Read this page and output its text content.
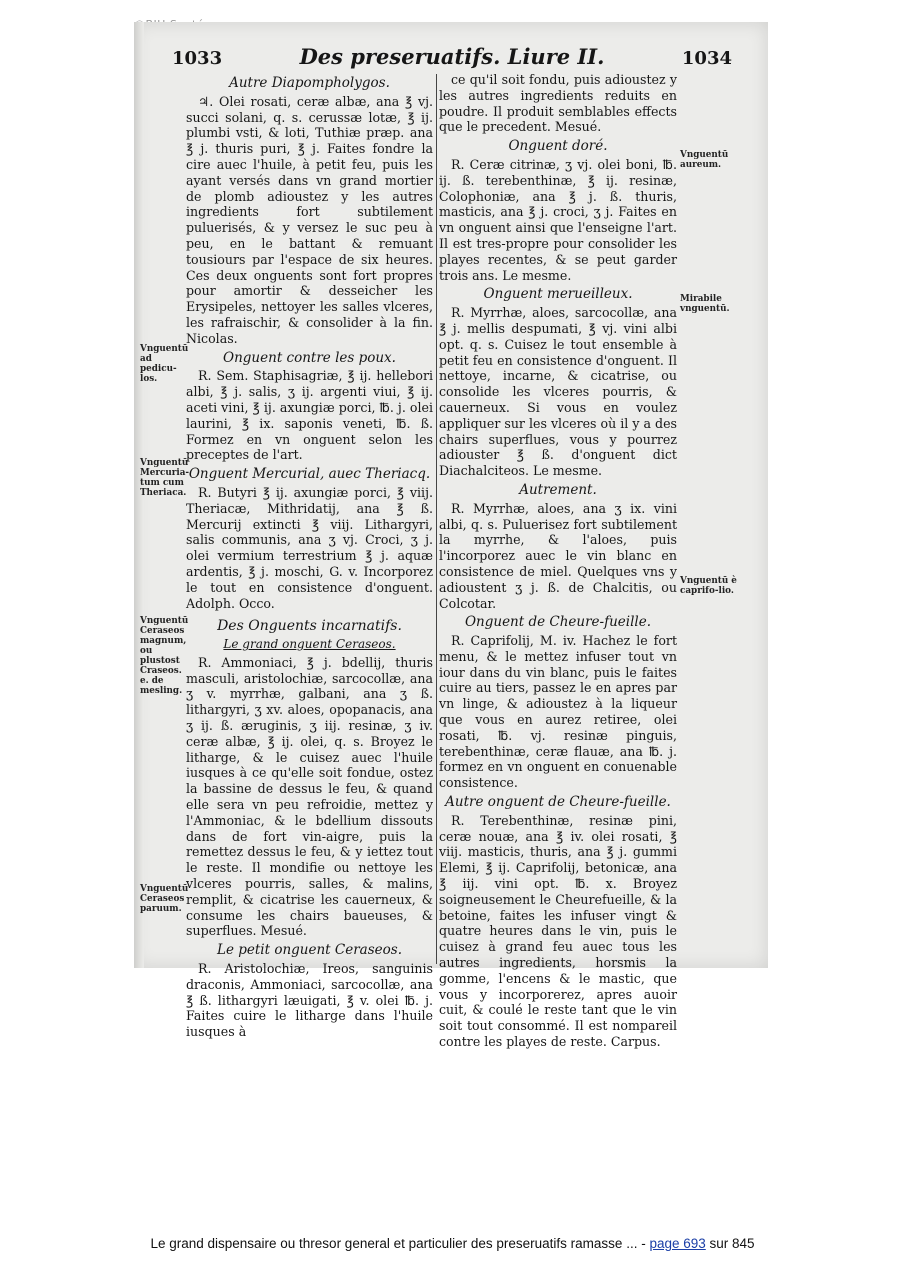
1033	Des preseruatifs. Liure II.	1034
Vnguentū ad pedicu-los.
Vnguentū Mercuria-tum cum Theriaca.
Vnguentū Ceraseos magnum, ou plustost Craseos. e. de mesling.
Vnguentū Ceraseos paruum.
Vnguentū aureum.
Mirabile vnguentū.
Vnguentū è caprifo-lio.
Autre Diapompholygos.

♃. Olei rosati, ceræ albæ, ana ℥ vj. succi solani, q. s. cerussæ lotæ, ℥ ij. plumbi vsti, & loti, Tuthiæ præp. ana ℥ j. thuris puri, ℥ j. Faites fondre la cire auec l'huile, à petit feu, puis les ayant versés dans vn grand mortier de plomb adioustez y les autres ingredients fort subtilement puluerisés, & y versez le suc peu à peu, en le battant & remuant tousiours par l'espace de six heures. Ces deux onguents sont fort propres pour amortir & desseicher les Erysipeles, nettoyer les salles vlceres, les rafraischir, & consolider à la fin. Nicolas.

Onguent contre les poux.

R. Sem. Staphisagriæ, ℥ ij. hellebori albi, ℥ j. salis, ʒ ij. argenti viui, ℥ ij. aceti vini, ℥ ij. axungiæ porci, ℔. j. olei laurini, ℥ ix. saponis veneti, ℔. ß. Formez en vn onguent selon les preceptes de l'art.

Onguent Mercurial, auec Theriacq.

R. Butyri ℥ ij. axungiæ porci, ℥ viij. Theriacæ, Mithridatij, ana ℥ ß. Mercurij extincti ℥ viij. Lithargyri, salis communis, ana ʒ vj. Croci, ʒ j. olei vermium terrestrium ℥ j. aquæ ardentis, ℥ j. moschi, G. v. Incorporez le tout en consistence d'onguent. Adolph. Occo.

Des Onguents incarnatifs.
Le grand onguent Ceraseos.

R. Ammoniaci, ℥ j. bdellij, thuris masculi, aristolochiæ, sarcocollæ, ana ʒ v. myrrhæ, galbani, ana ʒ ß. lithargyri, ʒ xv. aloes, opopanacis, ana ʒ ij. ß. æruginis, ʒ iij. resinæ, ʒ iv. ceræ albæ, ℥ ij. olei, q. s. Broyez le litharge, & le cuisez auec l'huile iusques à ce qu'elle soit fondue, ostez la bassine de dessus le feu, & quand elle sera vn peu refroidie, mettez y l'Ammoniac, & le bdellium dissouts dans de fort vin-aigre, puis la remettez dessus le feu, & y iettez tout le reste. Il mondifie ou nettoye les vlceres pourris, salles, & malins, remplit, & cicatrise les cauerneux, & consume les chairs baueuses, & superflues. Mesué.

Le petit onguent Ceraseos.

R. Aristolochiæ, Ireos, sanguinis draconis, Ammoniaci, sarcocollæ, ana ℥ ß. lithargyri læuigati, ℥ v. olei ℔. j. Faites cuire le litharge dans l'huile iusques à

ce qu'il soit fondu, puis adioustez y les autres ingredients reduits en poudre. Il produit semblables effects que le precedent. Mesué.

Onguent doré.

R. Ceræ citrinæ, ʒ vj. olei boni, ℔. ij. ß. terebenthinæ, ℥ ij. resinæ, Colophoniæ, ana ℥ j. ß. thuris, masticis, ana ℥ j. croci, ʒ j. Faites en vn onguent ainsi que l'enseigne l'art. Il est tres-propre pour consolider les playes recentes, & se peut garder trois ans. Le mesme.

Onguent merueilleux.

R. Myrrhæ, aloes, sarcocollæ, ana ℥ j. mellis despumati, ℥ vj. vini albi opt. q. s. Cuisez le tout ensemble à petit feu en consistence d'onguent. Il nettoye, incarne, & cicatrise, ou consolide les vlceres pourris, & cauerneux. Si vous en voulez appliquer sur les vlceres où il y a des chairs superflues, vous y pourrez adiouster ℥ ß. d'onguent dict Diachalciteos. Le mesme.

Autrement.

R. Myrrhæ, aloes, ana ʒ ix. vini albi, q. s. Puluerisez fort subtilement la myrrhe, & l'aloes, puis l'incorporez auec le vin blanc en consistence de miel. Quelques vns y adioustent ʒ j. ß. de Chalcitis, ou Colcotar.

Onguent de Cheure-fueille.

R. Caprifolij, M. iv. Hachez le fort menu, & le mettez infuser tout vn iour dans du vin blanc, puis le faites cuire au tiers, passez le en apres par vn linge, & adioustez à la liqueur que vous en aurez retiree, olei rosati, ℔. vj. resinæ pinguis, terebenthinæ, ceræ flauæ, ana ℔. j. formez en vn onguent en conuenable consistence.

Autre onguent de Cheure-fueille.

R. Terebenthinæ, resinæ pini, ceræ nouæ, ana ℥ iv. olei rosati, ℥ viij. masticis, thuris, ana ℥ j. gummi Elemi, ℥ ij. Caprifolij, betonicæ, ana ℥ iij. vini opt. ℔. x. Broyez soigneusement le Cheurefueille, & la betoine, faites les infuser vingt & quatre heures dans le vin, puis le cuisez à grand feu auec tous les autres ingredients, horsmis la gomme, l'encens & le mastic, que vous y incorporerez, apres auoir cuit, & coulé le reste tant que le vin soit tout consommé. Il est nompareil contre les playes de reste. Carpus.

Le grand dispensaire ou thresor general et particulier des preseruatifs ramasse ... - page 693 sur 845
